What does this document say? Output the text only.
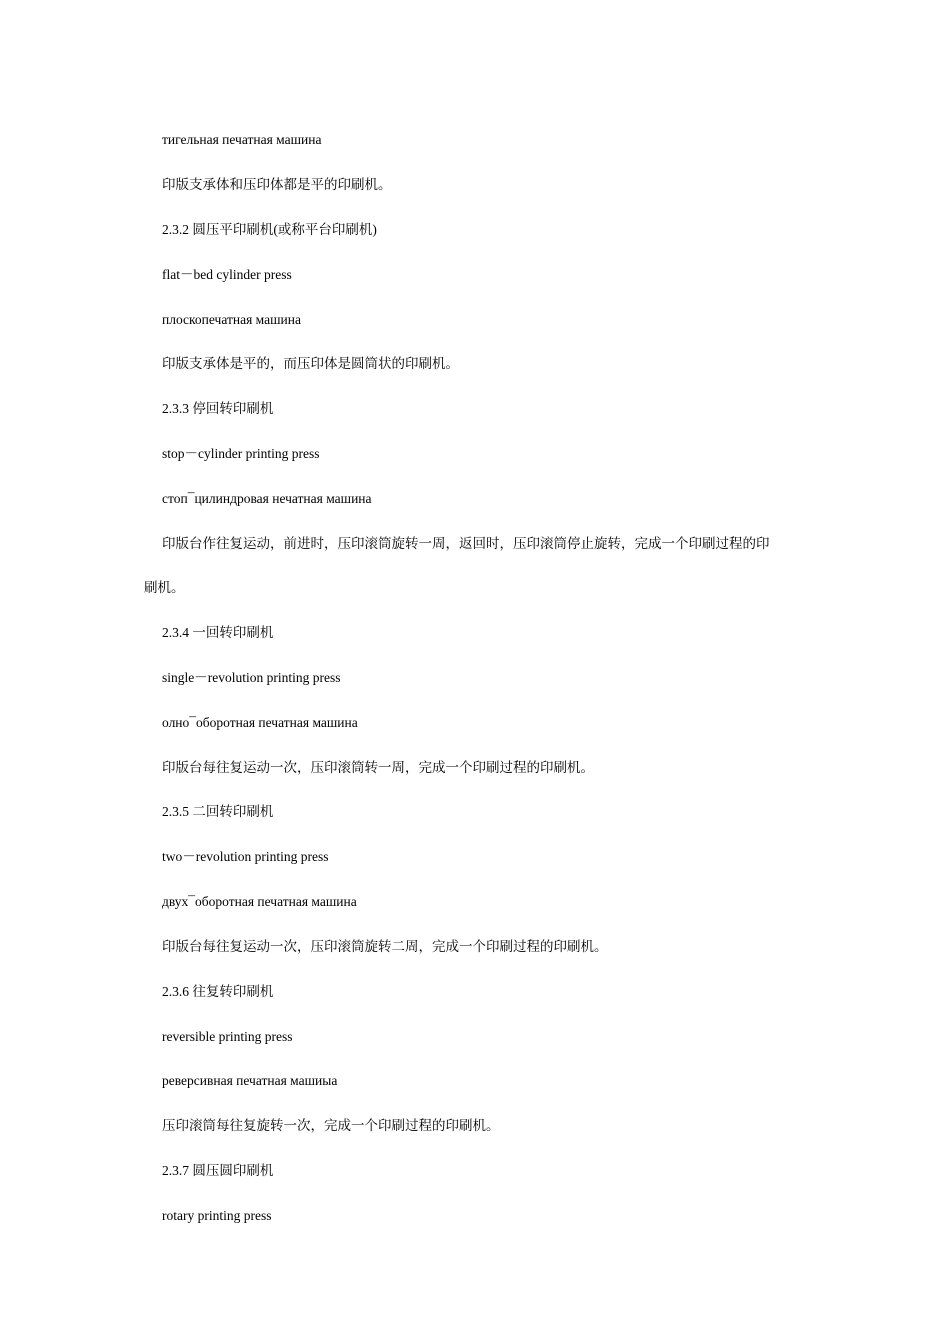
тигельная печатная машина
印版支承体和压印体都是平的印刷机。
2.3.2 圆压平印刷机(或称平台印刷机)
flat－bed cylinder press
плоскопечатная машина
印版支承体是平的，而压印体是圆筒状的印刷机。
2.3.3 停回转印刷机
stop－cylinder printing press
стоп¯цилиндровая нечатная машина
印版台作往复运动，前进时，压印滚筒旋转一周，返回时，压印滚筒停止旋转，完成一个印刷过程的印
刷机。
2.3.4 一回转印刷机
single－revolution printing press
олно¯оборотная печатная машина
印版台每往复运动一次，压印滚筒转一周，完成一个印刷过程的印刷机。
2.3.5 二回转印刷机
two－revolution printing press
двух¯оборотная печатная машина
印版台每往复运动一次，压印滚筒旋转二周，完成一个印刷过程的印刷机。
2.3.6 往复转印刷机
reversible printing press
реверсивная печатная машиыа
压印滚筒每往复旋转一次，完成一个印刷过程的印刷机。
2.3.7 圆压圆印刷机
rotary printing press
